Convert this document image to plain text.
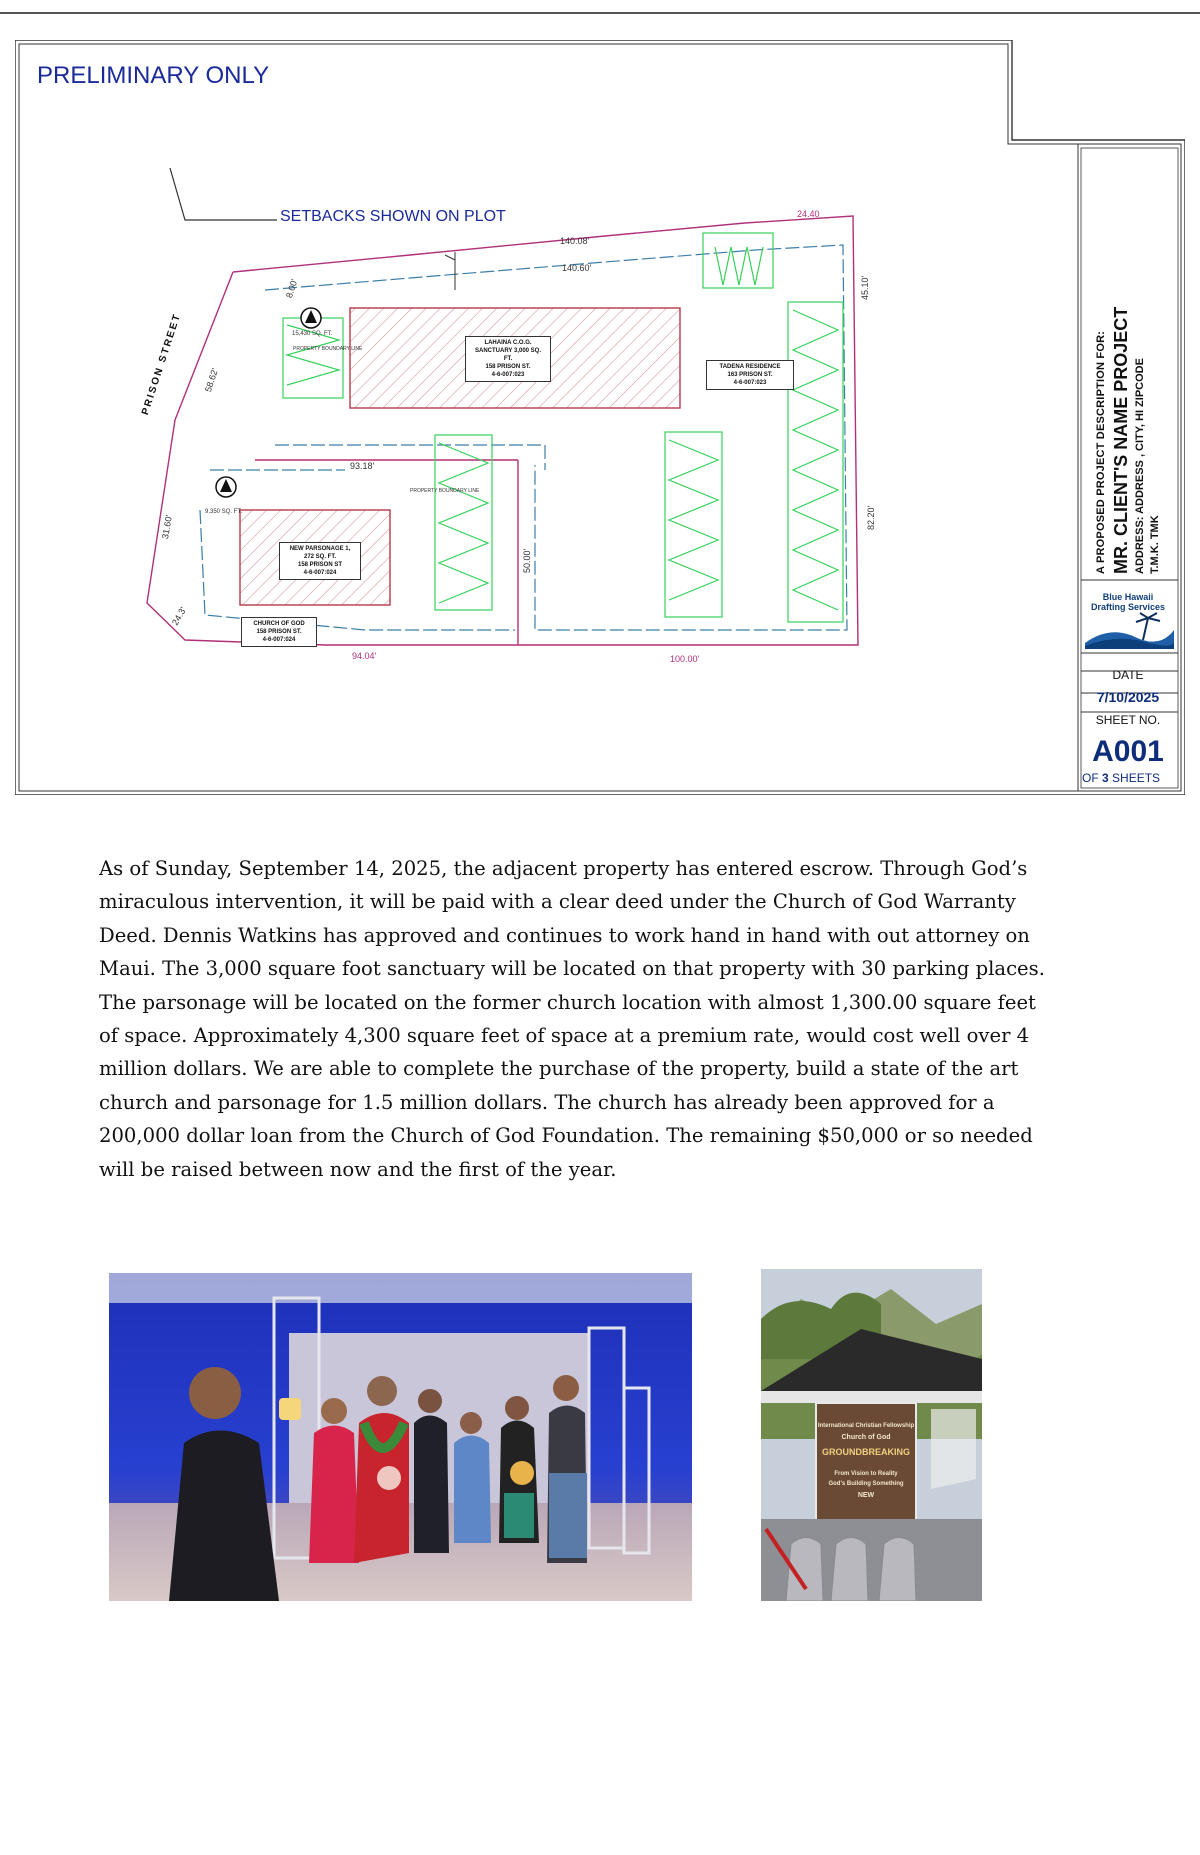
PRELIMINARY ONLY
SETBACKS SHOWN ON PLOT
PRISON STREET
140.08'
140.60'
24.40
45.10'
82.20'
58.62'
31.60'
8.00'
24.3'
93.18'
50.00'
94.04'	100.00'
15,430 SQ. FT.
PROPERTY BOUNDARY LINE
9,350 SQ. FT.
PROPERTY BOUNDARY LINE
LAHAINA C.O.G.
SANCTUARY 3,000 SQ.
FT.
158 PRISON ST.
4-6-007:023
TADENA RESIDENCE
163 PRISON ST.
4-6-007:023
NEW PARSONAGE 1,
272 SQ. FT.
158 PRISON ST
4-6-007:024
CHURCH OF GOD
158 PRISON ST.
4-6-007:024
A PROPOSED PROJECT DESCRIPTION FOR: MR. CLIENT'S NAME PROJECT ADDRESS: ADDRESS , CITY, HI ZIPCODE T.M.K. TMK
Blue Hawaii
Drafting Services
DATE
7/10/2025
SHEET NO.
A001
OF 3 SHEETS
As of Sunday, September 14, 2025, the adjacent property has entered escrow. Through God’s miraculous intervention, it will be paid with a clear deed under the Church of God Warranty Deed. Dennis Watkins has approved and continues to work hand in hand with out attorney on Maui. The 3,000 square foot sanctuary will be located on that property with 30 parking places. The parsonage will be located on the former church location with almost 1,300.00 square feet of space. Approximately 4,300 square feet of space at a premium rate, would cost well over 4 million dollars. We are able to complete the purchase of the property, build a state of the art church and parsonage for 1.5 million dollars. The church has already been approved for a 200,000 dollar loan from the Church of God Foundation. The remaining $50,000 or so needed will be raised between now and the first of the year.
International Christian Fellowship
Church of God
GROUNDBREAKING
From Vision to Reality
God's Building Something
NEW
